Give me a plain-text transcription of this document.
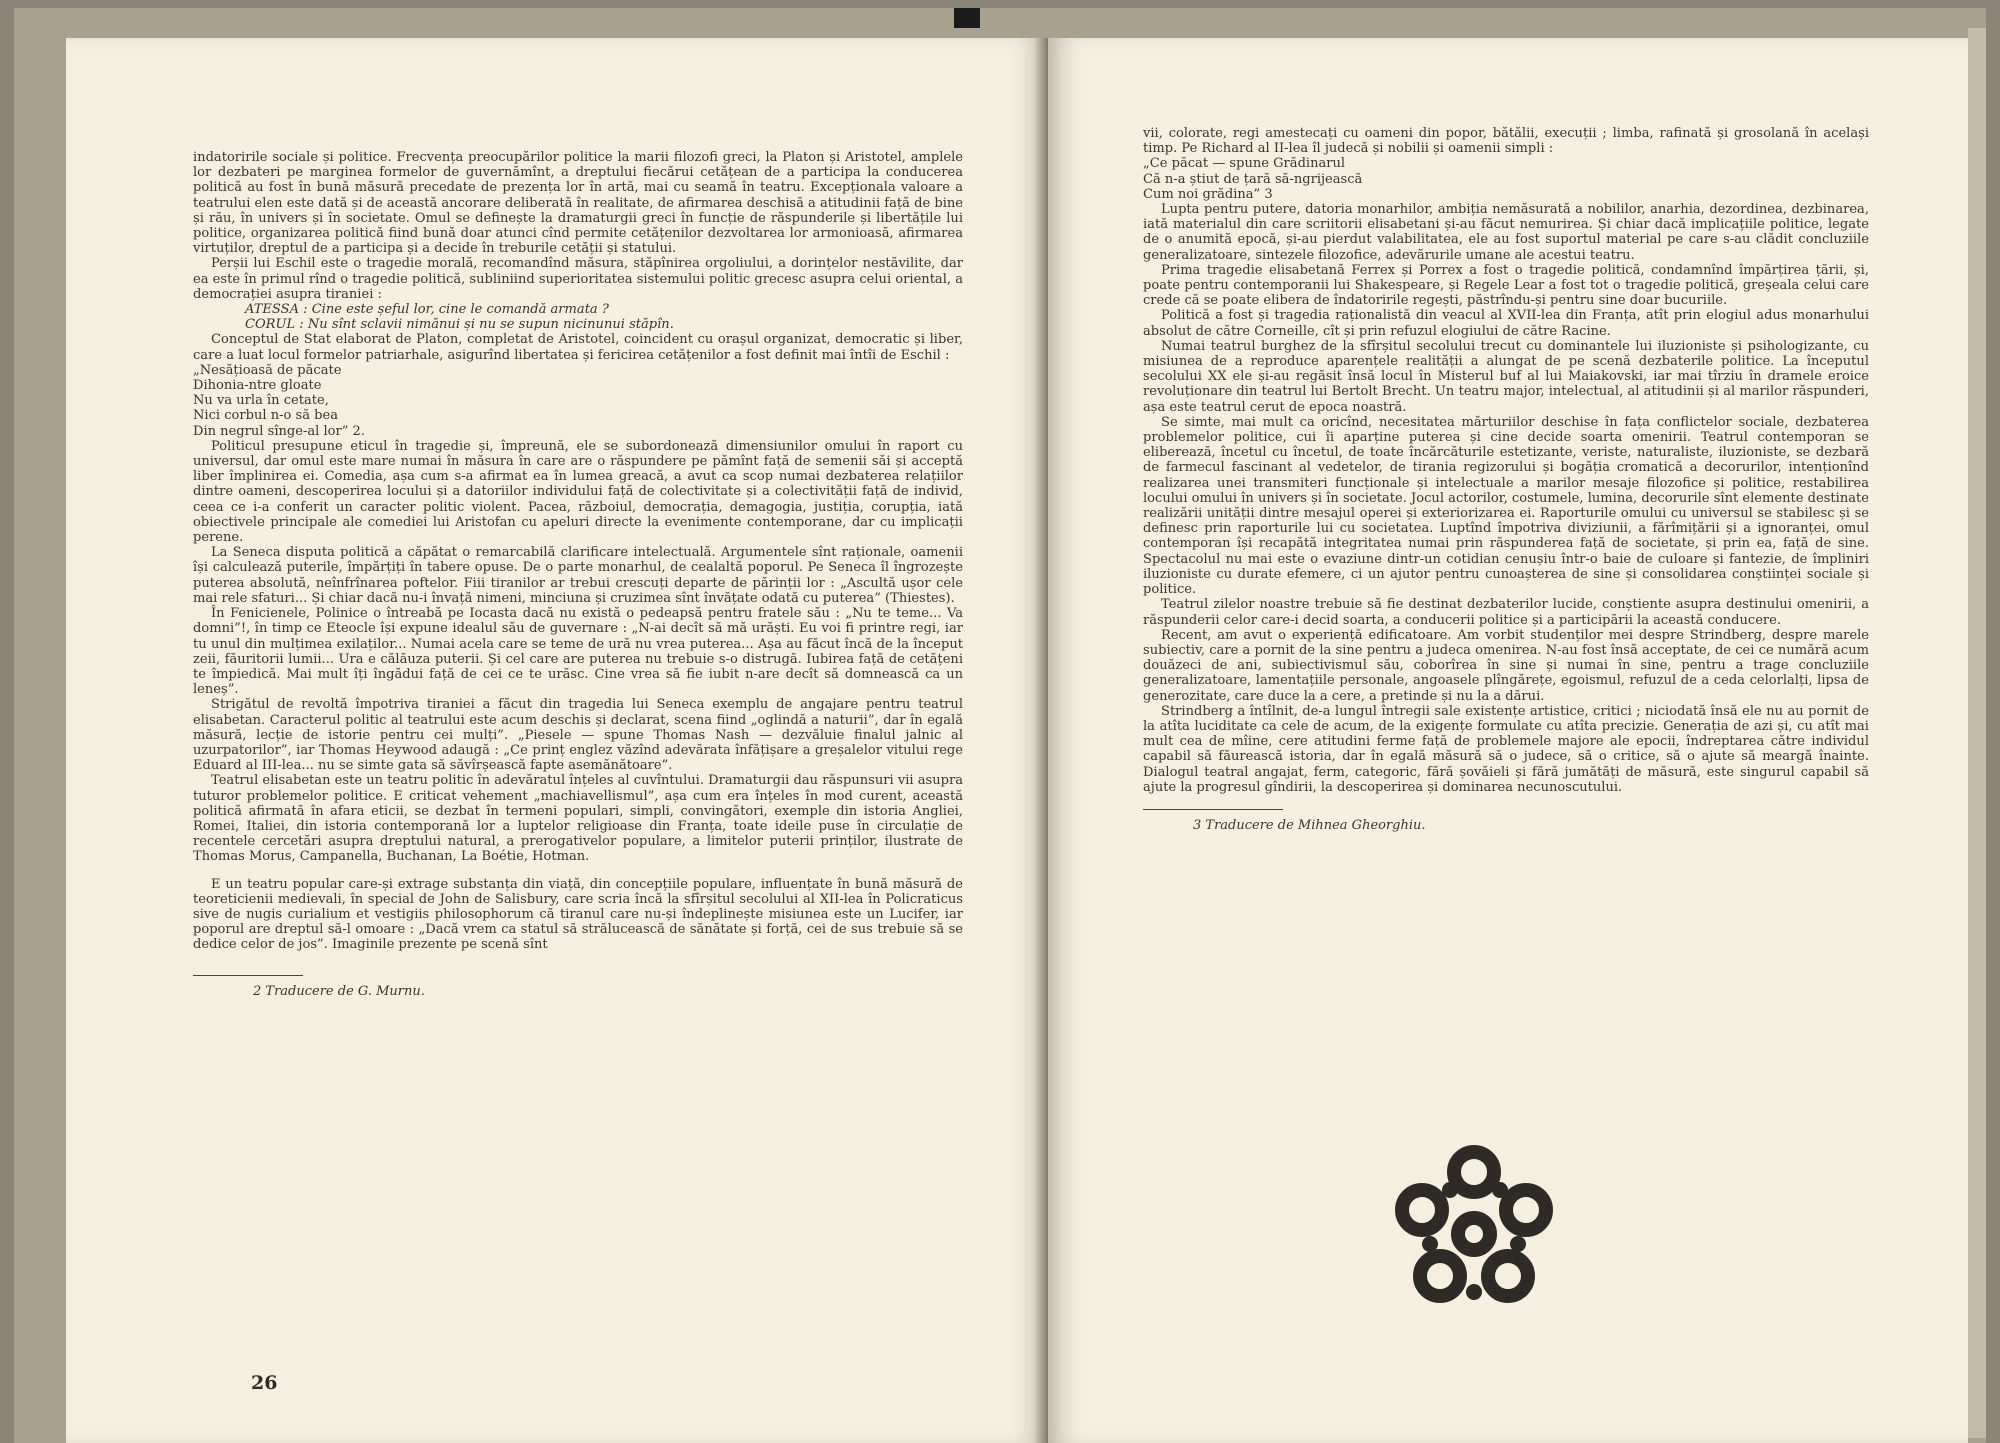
indatoririle sociale și politice. Frecvența preocupărilor politice la marii filozofi greci, la Platon și Aristotel, amplele lor dezbateri pe marginea formelor de guvernămînt, a dreptului fiecărui cetățean de a participa la conducerea politică au fost în bună măsură precedate de prezența lor în artă, mai cu seamă în teatru. Excepționala valoare a teatrului elen este dată și de această ancorare deliberată în realitate, de afirmarea deschisă a atitudinii față de bine și rău, în univers și în societate. Omul se definește la dramaturgii greci în funcție de răspunderile și libertățile lui politice, organizarea politică fiind bună doar atunci cînd permite cetățenilor dezvoltarea lor armonioasă, afirmarea virtuților, dreptul de a participa și a decide în treburile cetății și statului.

Perșii lui Eschil este o tragedie morală, recomandînd măsura, stăpînirea orgoliului, a dorințelor nestăvilite, dar ea este în primul rînd o tragedie politică, subliniind superioritatea sistemului politic grecesc asupra celui oriental, a democrației asupra tiraniei :

ATESSA : Cine este șeful lor, cine le comandă armata ?
CORUL : Nu sînt sclavii nimănui și nu se supun nicinunui stăpîn.

Conceptul de Stat elaborat de Platon, completat de Aristotel, coincident cu orașul organizat, democratic și liber, care a luat locul formelor patriarhale, asigurînd libertatea și fericirea cetățenilor a fost definit mai întîi de Eschil :

„Nesățioasă de păcate
Dihonia-ntre gloate
Nu va urla în cetate,
Nici corbul n-o să bea
Din negrul sînge-al lor” 2.

Politicul presupune eticul în tragedie și, împreună, ele se subordonează dimensiunilor omului în raport cu universul, dar omul este mare numai în măsura în care are o răspundere pe pămînt față de semenii săi și acceptă liber împlinirea ei. Comedia, așa cum s-a afirmat ea în lumea greacă, a avut ca scop numai dezbaterea relațiilor dintre oameni, descoperirea locului și a datoriilor individului față de colectivitate și a colectivității față de individ, ceea ce i-a conferit un caracter politic violent. Pacea, războiul, democrația, demagogia, justiția, corupția, iată obiectivele principale ale comediei lui Aristofan cu apeluri directe la evenimente contemporane, dar cu implicații perene.

La Seneca disputa politică a căpătat o remarcabilă clarificare intelectuală. Argumentele sînt raționale, oamenii își calculează puterile, împărțiți în tabere opuse. De o parte monarhul, de cealaltă poporul. Pe Seneca îl îngrozește puterea absolută, neînfrînarea poftelor. Fiii tiranilor ar trebui crescuți departe de părinții lor : „Ascultă ușor cele mai rele sfaturi... Și chiar dacă nu-i învață nimeni, minciuna și cruzimea sînt învățate odată cu puterea” (Thiestes).

În Fenicienele, Polinice o întreabă pe Iocasta dacă nu există o pedeapsă pentru fratele său : „Nu te teme... Va domni”!, în timp ce Eteocle își expune idealul său de guvernare : „N-ai decît să mă urăști. Eu voi fi printre regi, iar tu unul din mulțimea exilaților... Numai acela care se teme de ură nu vrea puterea... Așa au făcut încă de la început zeii, făuritorii lumii... Ura e călăuza puterii. Și cel care are puterea nu trebuie s-o distrugă. Iubirea față de cetățeni te împiedică. Mai mult îți îngădui față de cei ce te urăsc. Cine vrea să fie iubit n-are decît să domnească ca un leneș”.

Strigătul de revoltă împotriva tiraniei a făcut din tragedia lui Seneca exemplu de angajare pentru teatrul elisabetan. Caracterul politic al teatrului este acum deschis și declarat, scena fiind „oglindă a naturii”, dar în egală măsură, lecție de istorie pentru cei mulți”. „Piesele — spune Thomas Nash — dezvăluie finalul jalnic al uzurpatorilor”, iar Thomas Heywood adaugă : „Ce prinț englez văzînd adevărata înfățișare a greșalelor vitului rege Eduard al III-lea... nu se simte gata să săvîrșească fapte asemănătoare”.

Teatrul elisabetan este un teatru politic în adevăratul înțeles al cuvîntului. Dramaturgii dau răspunsuri vii asupra tuturor problemelor politice. E criticat vehement „machiavellismul”, așa cum era înțeles în mod curent, această politică afirmată în afara eticii, se dezbat în termeni populari, simpli, convingători, exemple din istoria Angliei, Romei, Italiei, din istoria contemporană lor a luptelor religioase din Franța, toate ideile puse în circulație de recentele cercetări asupra dreptului natural, a prerogativelor populare, a limitelor puterii prinților, ilustrate de Thomas Morus, Campanella, Buchanan, La Boétie, Hotman.

E un teatru popular care-și extrage substanța din viață, din concepțiile populare, influențate în bună măsură de teoreticienii medievali, în special de John de Salisbury, care scria încă la sfîrșitul secolului al XII-lea în Policraticus sive de nugis curialium et vestigiis philosophorum că tiranul care nu-și îndeplinește misiunea este un Lucifer, iar poporul are dreptul să-l omoare : „Dacă vrem ca statul să strălucească de sănătate și forță, cei de sus trebuie să se dedice celor de jos”. Imaginile prezente pe scenă sînt

2 Traducere de G. Murnu.
26

vii, colorate, regi amestecați cu oameni din popor, bătălii, execuții ; limba, rafinată și grosolană în același timp. Pe Richard al II-lea îl judecă și nobilii și oamenii simpli :

„Ce păcat — spune Grădinarul
Că n-a știut de țară să-ngrijească
Cum noi grădina” 3

Lupta pentru putere, datoria monarhilor, ambiția nemăsurată a nobililor, anarhia, dezordinea, dezbinarea, iată materialul din care scriitorii elisabetani și-au făcut nemurirea. Și chiar dacă implicațiile politice, legate de o anumită epocă, și-au pierdut valabilitatea, ele au fost suportul material pe care s-au clădit concluziile generalizatoare, sintezele filozofice, adevărurile umane ale acestui teatru.

Prima tragedie elisabetană Ferrex și Porrex a fost o tragedie politică, condamnînd împărțirea țării, și, poate pentru contemporanii lui Shakespeare, și Regele Lear a fost tot o tragedie politică, greșeala celui care crede că se poate elibera de îndatoririle regești, păstrîndu-și pentru sine doar bucuriile.

Politică a fost și tragedia raționalistă din veacul al XVII-lea din Franța, atît prin elogiul adus monarhului absolut de către Corneille, cît și prin refuzul elogiului de către Racine.

Numai teatrul burghez de la sfîrșitul secolului trecut cu dominantele lui iluzioniste și psihologizante, cu misiunea de a reproduce aparențele realității a alungat de pe scenă dezbaterile politice. La începutul secolului XX ele și-au regăsit însă locul în Misterul buf al lui Maiakovski, iar mai tîrziu în dramele eroice revoluționare din teatrul lui Bertolt Brecht. Un teatru major, intelectual, al atitudinii și al marilor răspunderi, așa este teatrul cerut de epoca noastră.

Se simte, mai mult ca oricînd, necesitatea mărturiilor deschise în fața conflictelor sociale, dezbaterea problemelor politice, cui îi aparține puterea și cine decide soarta omenirii. Teatrul contemporan se eliberează, încetul cu încetul, de toate încărcăturile estetizante, veriste, naturaliste, iluzioniste, se dezbară de farmecul fascinant al vedetelor, de tirania regizorului și bogăția cromatică a decorurilor, intenționînd realizarea unei transmiteri funcționale și intelectuale a marilor mesaje filozofice și politice, restabilirea locului omului în univers și în societate. Jocul actorilor, costumele, lumina, decorurile sînt elemente destinate realizării unității dintre mesajul operei și exteriorizarea ei. Raporturile omului cu universul se stabilesc și se definesc prin raporturile lui cu societatea. Luptînd împotriva diviziunii, a fărîmițării și a ignoranței, omul contemporan își recapătă integritatea numai prin răspunderea față de societate, și prin ea, față de sine. Spectacolul nu mai este o evaziune dintr-un cotidian cenușiu într-o baie de culoare și fantezie, de împliniri iluzioniste cu durate efemere, ci un ajutor pentru cunoașterea de sine și consolidarea conștiinței sociale și politice.

Teatrul zilelor noastre trebuie să fie destinat dezbaterilor lucide, conștiente asupra destinului omenirii, a răspunderii celor care-i decid soarta, a conducerii politice și a participării la această conducere.

Recent, am avut o experiență edificatoare. Am vorbit studenților mei despre Strindberg, despre marele subiectiv, care a pornit de la sine pentru a judeca omenirea. N-au fost însă acceptate, de cei ce numără acum douăzeci de ani, subiectivismul său, coborîrea în sine și numai în sine, pentru a trage concluziile generalizatoare, lamentațiile personale, angoasele plîngărețe, egoismul, refuzul de a ceda celorlalți, lipsa de generozitate, care duce la a cere, a pretinde și nu la a dărui.

Strindberg a întîlnit, de-a lungul întregii sale existențe artistice, critici ; niciodată însă ele nu au pornit de la atîta luciditate ca cele de acum, de la exigențe formulate cu atîta precizie. Generația de azi și, cu atît mai mult cea de mîine, cere atitudini ferme față de problemele majore ale epocii, îndreptarea către individul capabil să făurească istoria, dar în egală măsură să o judece, să o critice, să o ajute să meargă înainte. Dialogul teatral angajat, ferm, categoric, fără șovăieli și fără jumătăți de măsură, este singurul capabil să ajute la progresul gîndirii, la descoperirea și dominarea necunoscutului.

3 Traducere de Mihnea Gheorghiu.
